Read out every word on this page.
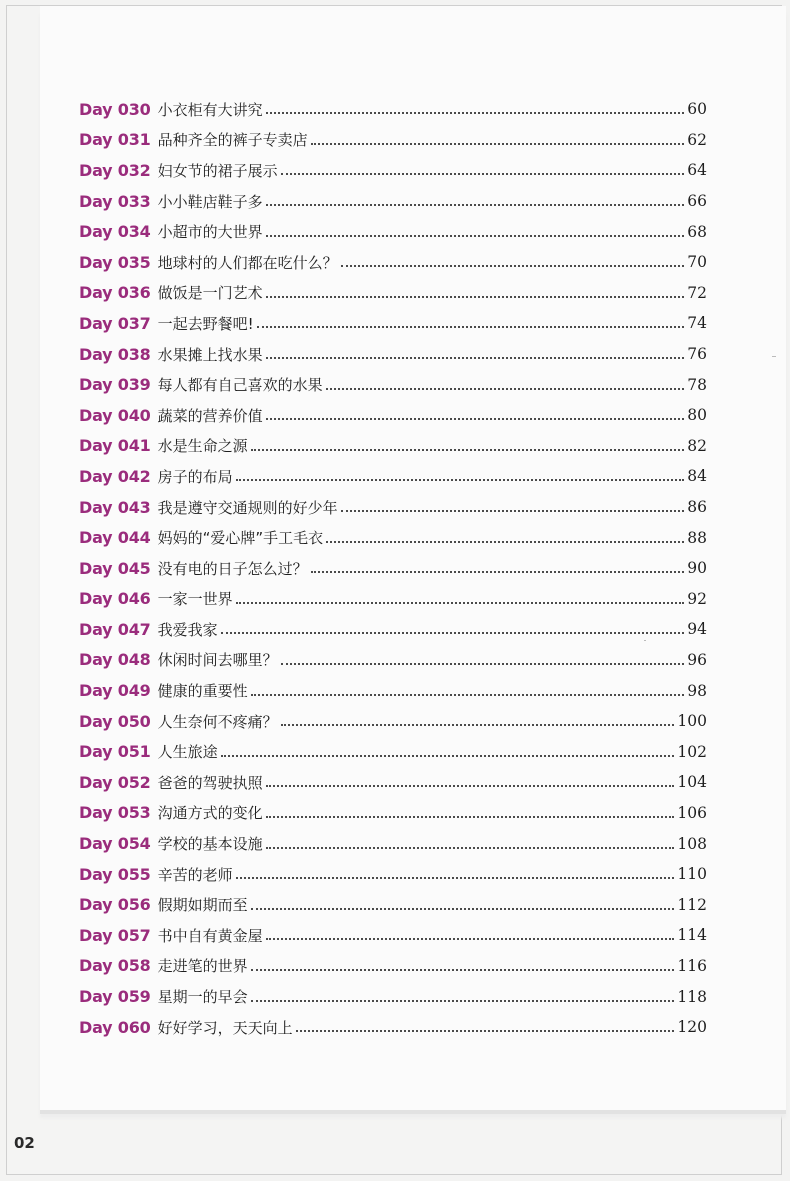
Day 030 小衣柜有大讲究	60
Day 031 品种齐全的裤子专卖店	62
Day 032 妇女节的裙子展示	64
Day 033 小小鞋店鞋子多	66
Day 034 小超市的大世界	68
Day 035 地球村的人们都在吃什么？	70
Day 036 做饭是一门艺术	72
Day 037 一起去野餐吧!	74
Day 038 水果摊上找水果	76
Day 039 每人都有自己喜欢的水果	78
Day 040 蔬菜的营养价值	80
Day 041 水是生命之源	82
Day 042 房子的布局	84
Day 043 我是遵守交通规则的好少年	86
Day 044 妈妈的“爱心牌”手工毛衣	88
Day 045 没有电的日子怎么过？	90
Day 046 一家一世界	92
Day 047 我爱我家	94
Day 048 休闲时间去哪里？	96
Day 049 健康的重要性	98
Day 050 人生奈何不疼痛？	100
Day 051 人生旅途	102
Day 052 爸爸的驾驶执照	104
Day 053 沟通方式的变化	106
Day 054 学校的基本设施	108
Day 055 辛苦的老师	110
Day 056 假期如期而至	112
Day 057 书中自有黄金屋	114
Day 058 走进笔的世界	116
Day 059 星期一的早会	118
Day 060 好好学习，天天向上	120
02
